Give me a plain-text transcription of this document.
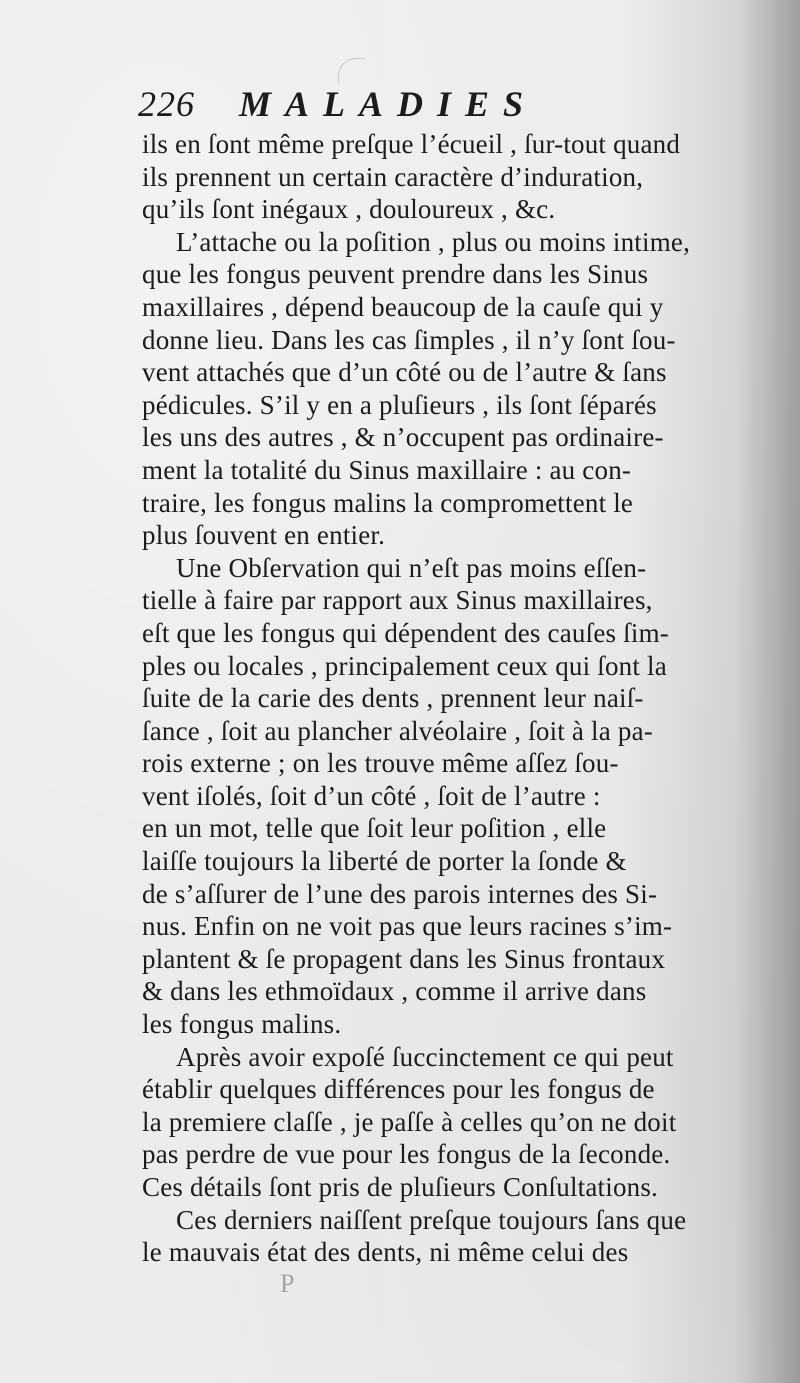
226 MALADIES
ils en ſont même preſque l’écueil , ſur-tout quand
ils prennent un certain caractère d’induration,
qu’ils ſont inégaux , douloureux , &c.
L’attache ou la poſition , plus ou moins intime,
que les fongus peuvent prendre dans les Sinus
maxillaires , dépend beaucoup de la cauſe qui y
donne lieu. Dans les cas ſimples , il n’y ſont ſou-
vent attachés que d’un côté ou de l’autre & ſans
pédicules. S’il y en a pluſieurs , ils ſont ſéparés
les uns des autres , & n’occupent pas ordinaire-
ment la totalité du Sinus maxillaire : au con-
traire, les fongus malins la compromettent le
plus ſouvent en entier.
Une Obſervation qui n’eſt pas moins eſſen-
tielle à faire par rapport aux Sinus maxillaires,
eſt que les fongus qui dépendent des cauſes ſim-
ples ou locales , principalement ceux qui ſont la
ſuite de la carie des dents , prennent leur naiſ-
ſance , ſoit au plancher alvéolaire , ſoit à la pa-
rois externe ; on les trouve même aſſez ſou-
vent iſolés, ſoit d’un côté , ſoit de l’autre :
en un mot, telle que ſoit leur poſition , elle
laiſſe toujours la liberté de porter la ſonde &
de s’aſſurer de l’une des parois internes des Si-
nus. Enfin on ne voit pas que leurs racines s’im-
plantent & ſe propagent dans les Sinus frontaux
& dans les ethmoïdaux , comme il arrive dans
les fongus malins.
Après avoir expoſé ſuccinctement ce qui peut
établir quelques différences pour les fongus de
la premiere claſſe , je paſſe à celles qu’on ne doit
pas perdre de vue pour les fongus de la ſeconde.
Ces détails ſont pris de pluſieurs Conſultations.
Ces derniers naiſſent preſque toujours ſans que
le mauvais état des dents, ni même celui des
P
